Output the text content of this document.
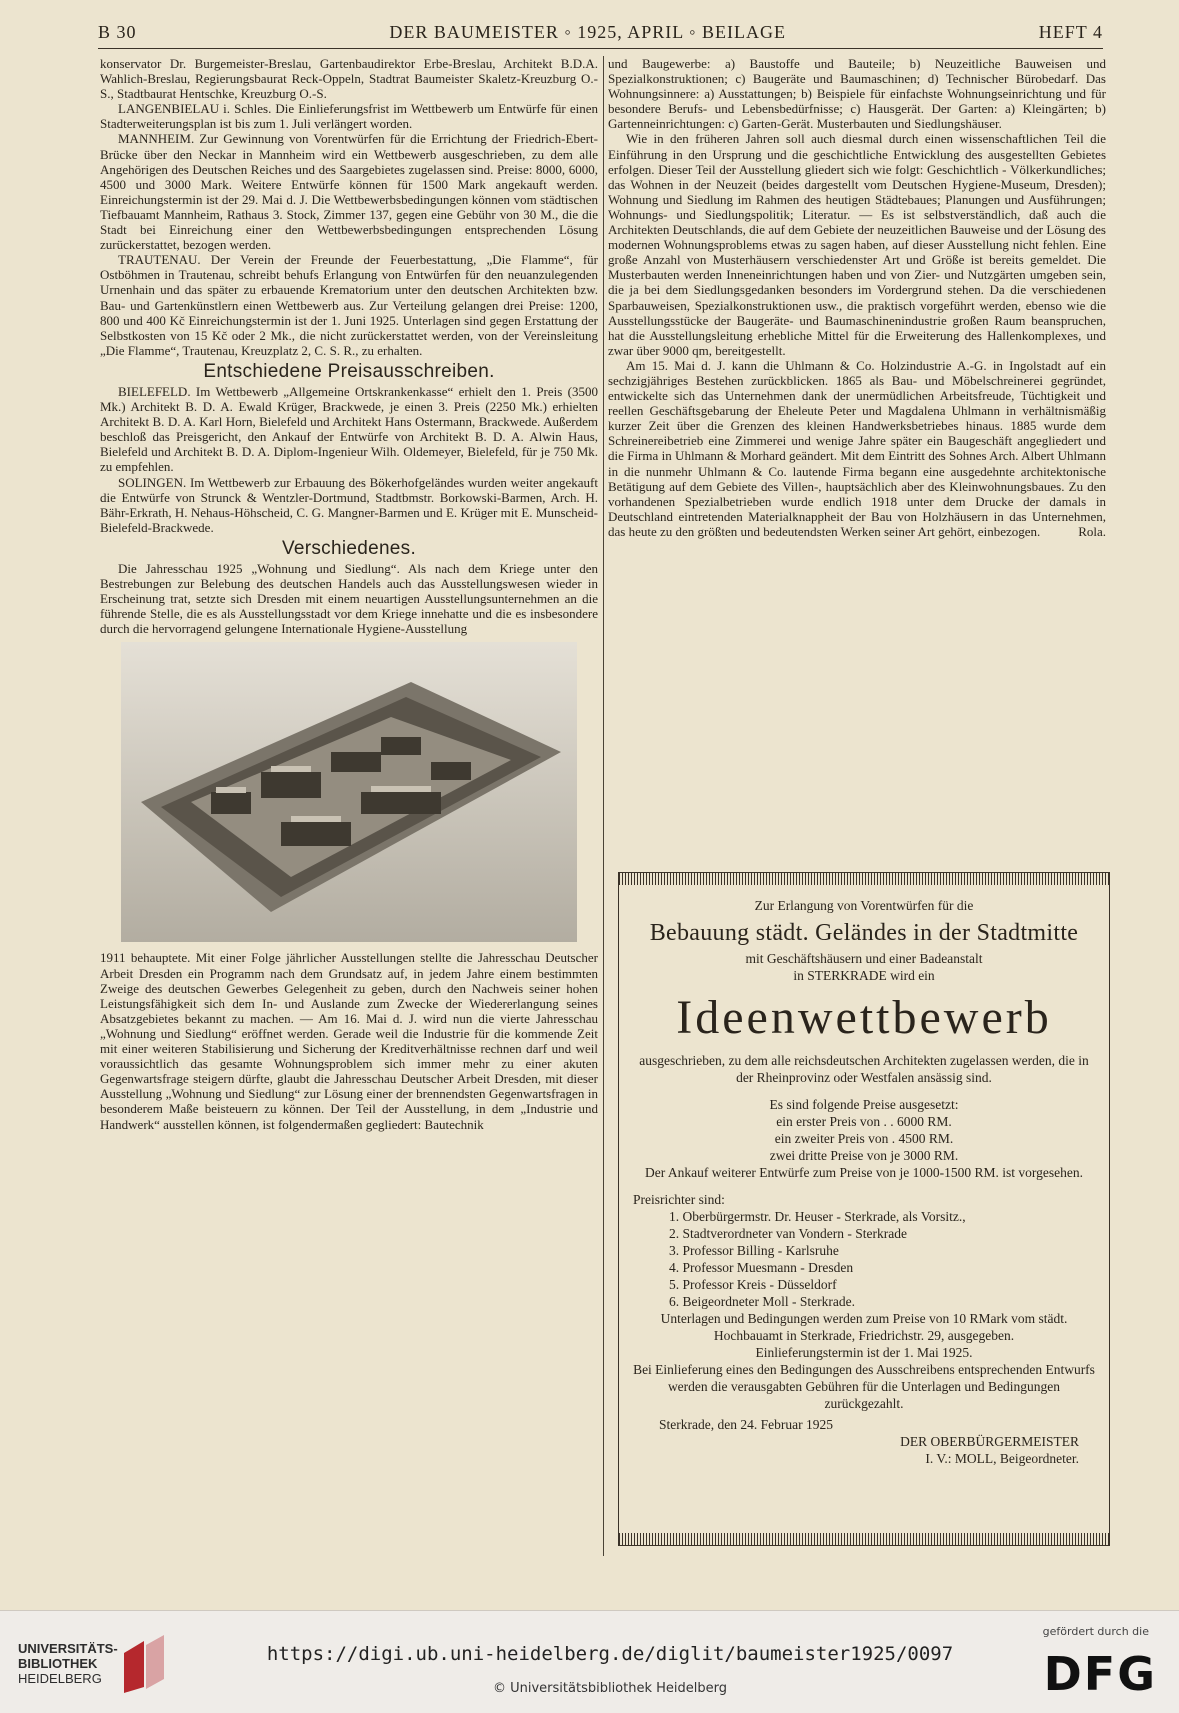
B 30	DER BAUMEISTER ◦ 1925, APRIL ◦ BEILAGE	HEFT 4

konservator Dr. Burgemeister-Breslau, Gartenbaudirektor Erbe-Breslau, Architekt B.D.A. Wahlich-Breslau, Regierungsbaurat Reck-Oppeln, Stadtrat Baumeister Skaletz-Kreuzburg O.-S., Stadtbaurat Hentschke, Kreuzburg O.-S.

LANGENBIELAU i. Schles. Die Einlieferungsfrist im Wettbewerb um Entwürfe für einen Stadterweiterungsplan ist bis zum 1. Juli verlängert worden.

MANNHEIM. Zur Gewinnung von Vorentwürfen für die Errichtung der Friedrich-Ebert-Brücke über den Neckar in Mannheim wird ein Wettbewerb ausgeschrieben, zu dem alle Angehörigen des Deutschen Reiches und des Saargebietes zugelassen sind. Preise: 8000, 6000, 4500 und 3000 Mark. Weitere Entwürfe können für 1500 Mark angekauft werden. Einreichungstermin ist der 29. Mai d. J. Die Wettbewerbsbedingungen können vom städtischen Tiefbauamt Mannheim, Rathaus 3. Stock, Zimmer 137, gegen eine Gebühr von 30 M., die die Stadt bei Einreichung einer den Wettbewerbsbedingungen entsprechenden Lösung zurückerstattet, bezogen werden.

TRAUTENAU. Der Verein der Freunde der Feuerbestattung, „Die Flamme“, für Ostböhmen in Trautenau, schreibt behufs Erlangung von Entwürfen für den neuanzulegenden Urnenhain und das später zu erbauende Krematorium unter den deutschen Architekten bzw. Bau- und Gartenkünstlern einen Wettbewerb aus. Zur Verteilung gelangen drei Preise: 1200, 800 und 400 Kč Einreichungstermin ist der 1. Juni 1925. Unterlagen sind gegen Erstattung der Selbstkosten von 15 Kč oder 2 Mk., die nicht zurückerstattet werden, von der Vereinsleitung „Die Flamme“, Trautenau, Kreuzplatz 2, C. S. R., zu erhalten.

Entschiedene Preisausschreiben.

BIELEFELD. Im Wettbewerb „Allgemeine Ortskrankenkasse“ erhielt den 1. Preis (3500 Mk.) Architekt B. D. A. Ewald Krüger, Brackwede, je einen 3. Preis (2250 Mk.) erhielten Architekt B. D. A. Karl Horn, Bielefeld und Architekt Hans Ostermann, Brackwede. Außerdem beschloß das Preisgericht, den Ankauf der Entwürfe von Architekt B. D. A. Alwin Haus, Bielefeld und Architekt B. D. A. Diplom-Ingenieur Wilh. Oldemeyer, Bielefeld, für je 750 Mk. zu empfehlen.

SOLINGEN. Im Wettbewerb zur Erbauung des Bökerhofgeländes wurden weiter angekauft die Entwürfe von Strunck & Wentzler-Dortmund, Stadtbmstr. Borkowski-Barmen, Arch. H. Bähr-Erkrath, H. Nehaus-Höhscheid, C. G. Mangner-Barmen und E. Krüger mit E. Munscheid-Bielefeld-Brackwede.

Verschiedenes.

Die Jahresschau 1925 „Wohnung und Siedlung“. Als nach dem Kriege unter den Bestrebungen zur Belebung des deutschen Handels auch das Ausstellungswesen wieder in Erscheinung trat, setzte sich Dresden mit einem neuartigen Ausstellungsunternehmen an die führende Stelle, die es als Ausstellungsstadt vor dem Kriege innehatte und die es insbesondere durch die hervorragend gelungene Internationale Hygiene-Ausstellung

1911 behauptete. Mit einer Folge jährlicher Ausstellungen stellte die Jahresschau Deutscher Arbeit Dresden ein Programm nach dem Grundsatz auf, in jedem Jahre einem bestimmten Zweige des deutschen Gewerbes Gelegenheit zu geben, durch den Nachweis seiner hohen Leistungsfähigkeit sich dem In- und Auslande zum Zwecke der Wiedererlangung seines Absatzgebietes bekannt zu machen. — Am 16. Mai d. J. wird nun die vierte Jahresschau „Wohnung und Siedlung“ eröffnet werden. Gerade weil die Industrie für die kommende Zeit mit einer weiteren Stabilisierung und Sicherung der Kreditverhältnisse rechnen darf und weil voraussichtlich das gesamte Wohnungsproblem sich immer mehr zu einer akuten Gegenwartsfrage steigern dürfte, glaubt die Jahresschau Deutscher Arbeit Dresden, mit dieser Ausstellung „Wohnung und Siedlung“ zur Lösung einer der brennendsten Gegenwartsfragen in besonderem Maße beisteuern zu können. Der Teil der Ausstellung, in dem „Industrie und Handwerk“ ausstellen können, ist folgendermaßen gegliedert: Bautechnik

und Baugewerbe: a) Baustoffe und Bauteile; b) Neuzeitliche Bauweisen und Spezialkonstruktionen; c) Baugeräte und Baumaschinen; d) Technischer Bürobedarf. Das Wohnungsinnere: a) Ausstattungen; b) Beispiele für einfachste Wohnungseinrichtung und für besondere Berufs- und Lebensbedürfnisse; c) Hausgerät. Der Garten: a) Kleingärten; b) Gartenneinrichtungen: c) Garten-Gerät. Musterbauten und Siedlungshäuser.

Wie in den früheren Jahren soll auch diesmal durch einen wissenschaftlichen Teil die Einführung in den Ursprung und die geschichtliche Entwicklung des ausgestellten Gebietes erfolgen. Dieser Teil der Ausstellung gliedert sich wie folgt: Geschichtlich - Völkerkundliches; das Wohnen in der Neuzeit (beides dargestellt vom Deutschen Hygiene-Museum, Dresden); Wohnung und Siedlung im Rahmen des heutigen Städtebaues; Planungen und Ausführungen; Wohnungs- und Siedlungspolitik; Literatur. — Es ist selbstverständlich, daß auch die Architekten Deutschlands, die auf dem Gebiete der neuzeitlichen Bauweise und der Lösung des modernen Wohnungsproblems etwas zu sagen haben, auf dieser Ausstellung nicht fehlen. Eine große Anzahl von Musterhäusern verschiedenster Art und Größe ist bereits gemeldet. Die Musterbauten werden Inneneinrichtungen haben und von Zier- und Nutzgärten umgeben sein, die ja bei dem Siedlungsgedanken besonders im Vordergrund stehen. Da die verschiedenen Sparbauweisen, Spezialkonstruktionen usw., die praktisch vorgeführt werden, ebenso wie die Ausstellungsstücke der Baugeräte- und Baumaschinenindustrie großen Raum beanspruchen, hat die Ausstellungsleitung erhebliche Mittel für die Erweiterung des Hallenkomplexes, und zwar über 9000 qm, bereitgestellt.

Am 15. Mai d. J. kann die Uhlmann & Co. Holzindustrie A.-G. in Ingolstadt auf ein sechzigjähriges Bestehen zurückblicken. 1865 als Bau- und Möbelschreinerei gegründet, entwickelte sich das Unternehmen dank der unermüdlichen Arbeitsfreude, Tüchtigkeit und reellen Geschäftsgebarung der Eheleute Peter und Magdalena Uhlmann in verhältnismäßig kurzer Zeit über die Grenzen des kleinen Handwerksbetriebes hinaus. 1885 wurde dem Schreinereibetrieb eine Zimmerei und wenige Jahre später ein Baugeschäft angegliedert und die Firma in Uhlmann & Morhard geändert. Mit dem Eintritt des Sohnes Arch. Albert Uhlmann in die nunmehr Uhlmann & Co. lautende Firma begann eine ausgedehnte architektonische Betätigung auf dem Gebiete des Villen-, hauptsächlich aber des Kleinwohnungsbaues. Zu den vorhandenen Spezialbetrieben wurde endlich 1918 unter dem Drucke der damals in Deutschland eintretenden Materialknappheit der Bau von Holzhäusern in das Unternehmen, das heute zu den größten und bedeutendsten Werken seiner Art gehört, einbezogen.	Rola.

Zur Erlangung von Vorentwürfen für die

Bebauung städt. Geländes in der Stadtmitte

mit Geschäftshäusern und einer Badeanstalt

in STERKRADE wird ein

Ideenwettbewerb

ausgeschrieben, zu dem alle reichsdeutschen Architekten zugelassen werden, die in der Rheinprovinz oder Westfalen ansässig sind.

Es sind folgende Preise ausgesetzt:

ein erster Preis von . . 6000 RM.

ein zweiter Preis von . 4500 RM.

zwei dritte Preise von je 3000 RM.

Der Ankauf weiterer Entwürfe zum Preise von je 1000-1500 RM. ist vorgesehen.

Preisrichter sind:

1. Oberbürgermstr. Dr. Heuser - Sterkrade, als Vorsitz.,
2. Stadtverordneter van Vondern - Sterkrade
3. Professor Billing - Karlsruhe
4. Professor Muesmann - Dresden
5. Professor Kreis - Düsseldorf
6. Beigeordneter Moll - Sterkrade.

Unterlagen und Bedingungen werden zum Preise von 10 RMark vom städt. Hochbauamt in Sterkrade, Friedrichstr. 29, ausgegeben.

Einlieferungstermin ist der 1. Mai 1925.

Bei Einlieferung eines den Bedingungen des Ausschreibens entsprechenden Entwurfs werden die verausgabten Gebühren für die Unterlagen und Bedingungen zurückgezahlt.

Sterkrade, den 24. Februar 1925

DER OBERBÜRGERMEISTER

I. V.: MOLL, Beigeordneter.

UNIVERSITÄTS-
BIBLIOTHEK
HEIDELBERG
https://digi.ub.uni-heidelberg.de/diglit/baumeister1925/0097
© Universitätsbibliothek Heidelberg
gefördert durch die
DFG
